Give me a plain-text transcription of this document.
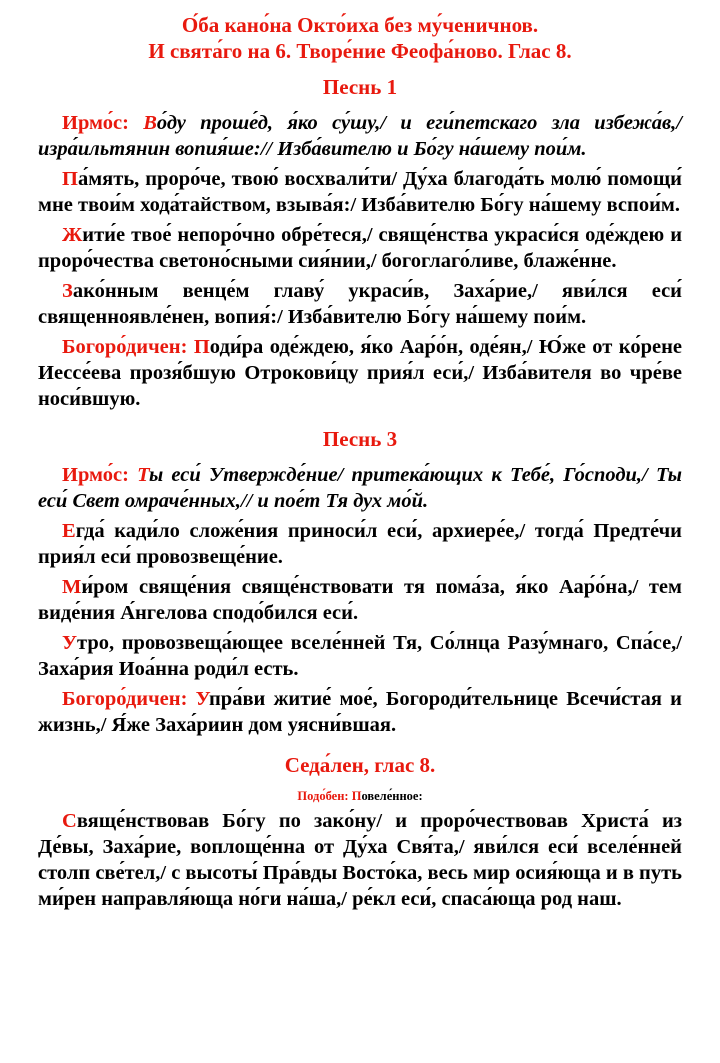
О́ба кано́на Окто́иха без му́ченичнов.

И свята́го на 6. Творе́ние Феофа́ново. Глас 8.

Песнь 1

Ирмо́с: Во́ду проше́д, я́ко су́шу,/ и еги́петскаго зла избежа́в,/ изра́ильтянин вопия́ше:// Изба́вителю и Бо́гу на́шему пои́м.

Па́мять, проро́че, твою́ восхвали́ти/ Ду́ха благода́ть молю́ помощи́ мне твои́м хода́тайством, взыва́я:/ Изба́вителю Бо́гу на́шему вспои́м.

Жити́е твое́ непоро́чно обре́теся,/ свяще́нства украси́ся оде́ждею и проро́чества светоно́сными сия́нии,/ богоглаго́ливе, блаже́нне.

Зако́нным венце́м главу́ украси́в, Заха́рие,/ яви́лся еси́ священноявле́нен, вопия́:/ Изба́вителю Бо́гу на́шему пои́м.

Богоро́дичен: Поди́ра оде́ждею, я́ко Аар́о́н, оде́ян,/ Ю́же от ко́рене Иессе́ева прозя́бшую Отрокови́цу прия́л еси́,/ Изба́вителя во чре́ве носи́вшую.

Песнь 3

Ирмо́с: Ты еси́ Утвержде́ние/ притека́ющих к Тебе́, Го́споди,/ Ты еси́ Свет омраче́нных,// и пое́т Тя дух мо́й.

Егда́ кади́ло сложе́ния приноси́л еси́, архиере́е,/ тогда́ Предте́чи прия́л еси́ провозвеще́ние.

Ми́ром свяще́ния свяще́нствовати тя пома́за, я́ко Аар́о́на,/ тем виде́ния А́нгелова сподо́бился еси́.

Утро, провозвеща́ющее вселе́нней Тя, Со́лнца Разу́мнаго, Спа́се,/ Заха́рия Иоа́нна роди́л есть.

Богоро́дичен: Упра́ви житие́ мое́, Богороди́тельнице Всечи́стая и жизнь,/ Я́же Заха́риин дом уясни́вшая.

Седа́лен, глас 8.

Подо́бен: Повеле́нное:

Свяще́нствовав Бо́гу по зако́ну/ и проро́чествовав Христа́ из Де́вы, Заха́рие, воплоще́нна от Ду́ха Свя́та,/ яви́лся еси́ вселе́нней столп све́тел,/ с высоты́ Пра́вды Восто́ка, весь мир осия́юща и в путь ми́рен направля́юща но́ги на́ша,/ ре́кл еси́, спаса́юща род наш.
